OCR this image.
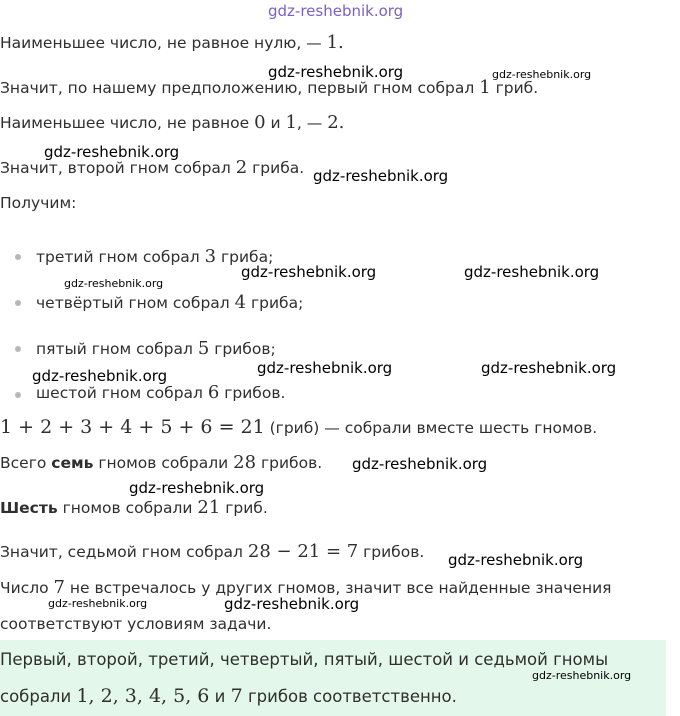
gdz-reshebnik.org
Наименьшее число, не равное нулю, — 1.
Значит, по нашему предположению, первый гном собрал 1 гриб.
Наименьшее число, не равное 0 и 1, — 2.
Значит, второй гном собрал 2 гриба.
Получим:
третий гном собрал 3 гриба;
четвёртый гном собрал 4 гриба;
пятый гном собрал 5 грибов;
шестой гном собрал 6 грибов.
1 + 2 + 3 + 4 + 5 + 6 = 21 (гриб) — собрали вместе шесть гномов.
Всего семь гномов собрали 28 грибов.
Шесть гномов собрали 21 гриб.
Значит, седьмой гном собрал 28 − 21 = 7 грибов.
Число 7 не встречалось у других гномов, значит все найденные значения
соответствуют условиям задачи.
Первый, второй, третий, четвертый, пятый, шестой и седьмой гномы
собрали 1, 2, 3, 4, 5, 6 и 7 грибов соответственно.
gdz-reshebnik.org	gdz-reshebnik.org
gdz-reshebnik.org
gdz-reshebnik.org
gdz-reshebnik.org	gdz-reshebnik.org
gdz-reshebnik.org
gdz-reshebnik.org	gdz-reshebnik.org
gdz-reshebnik.org
gdz-reshebnik.org
gdz-reshebnik.org
gdz-reshebnik.org
gdz-reshebnik.org	gdz-reshebnik.org
gdz-reshebnik.org
